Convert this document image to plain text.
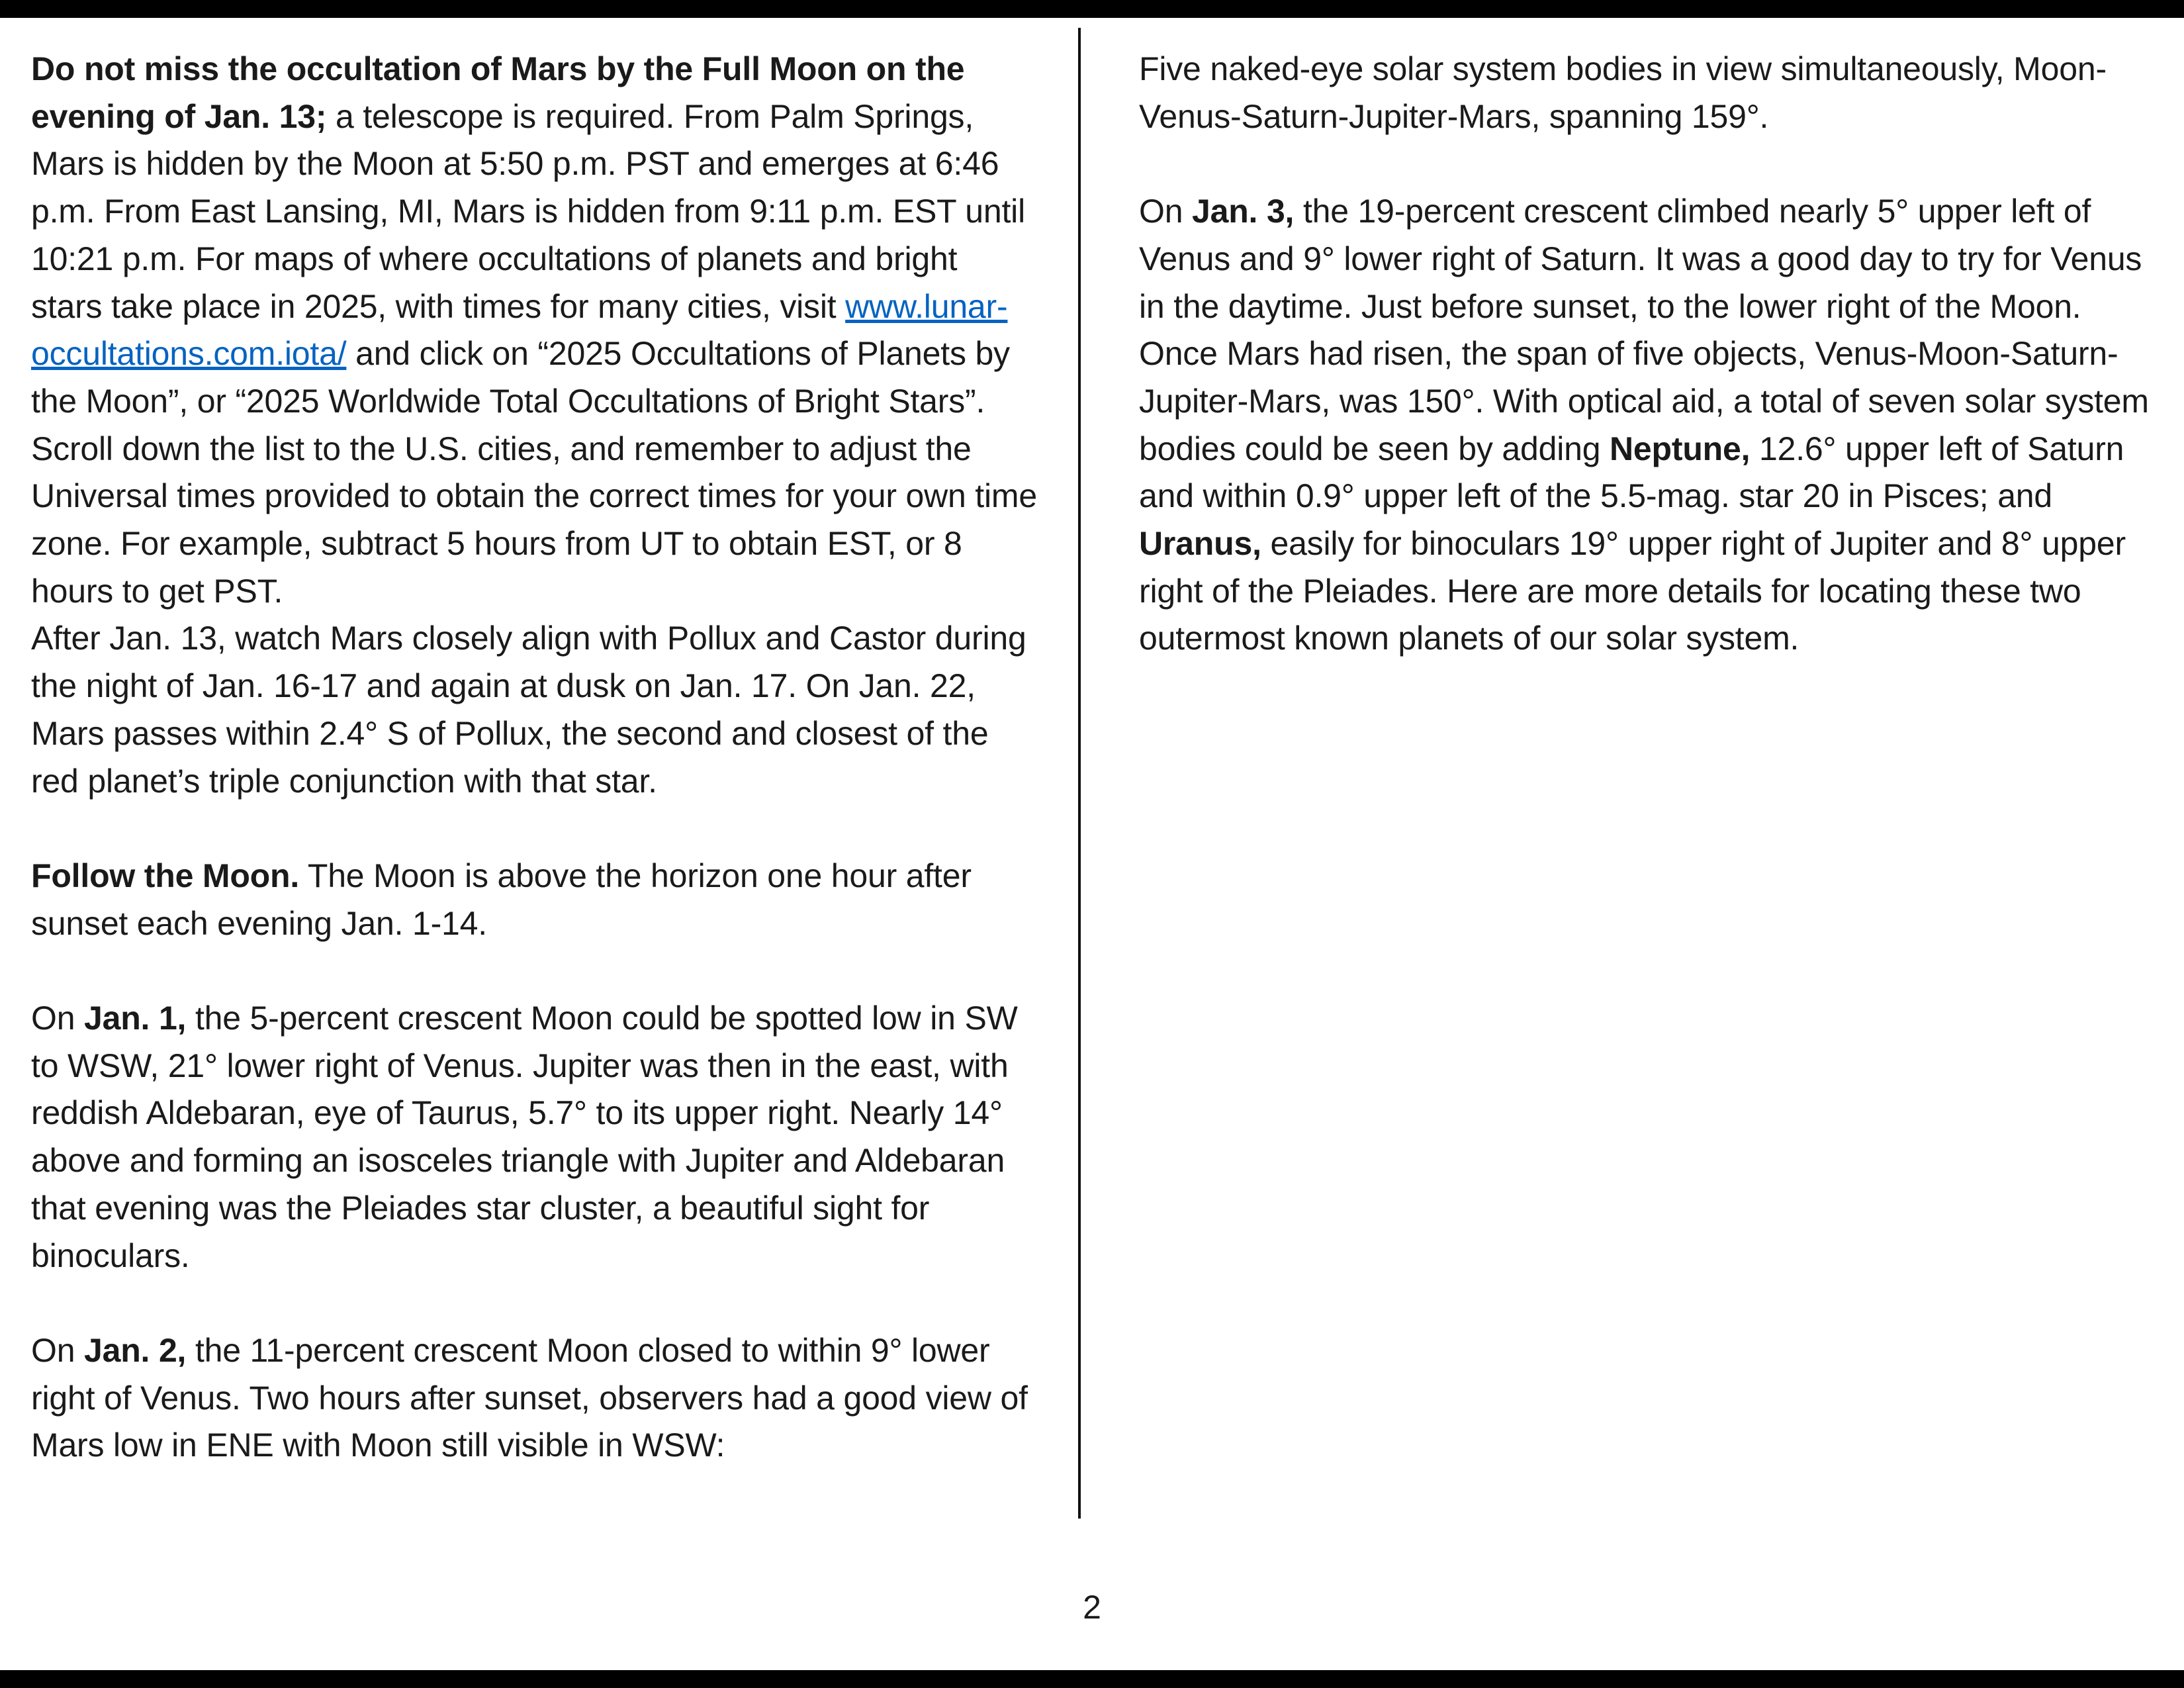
Do not miss the occultation of Mars by the Full Moon on the evening of Jan. 13; a telescope is required. From Palm Springs, Mars is hidden by the Moon at 5:50 p.m. PST and emerges at 6:46 p.m. From East Lansing, MI, Mars is hidden from 9:11 p.m. EST until 10:21 p.m. For maps of where occultations of planets and bright stars take place in 2025, with times for many cities, visit www.lunar-occultations.com.iota/ and click on “2025 Occultations of Planets by the Moon”, or “2025 Worldwide Total Occultations of Bright Stars”. Scroll down the list to the U.S. cities, and remember to adjust the Universal times provided to obtain the correct times for your own time zone. For example, subtract 5 hours from UT to obtain EST, or 8 hours to get PST.

After Jan. 13, watch Mars closely align with Pollux and Castor during the night of Jan. 16-17 and again at dusk on Jan. 17. On Jan. 22, Mars passes within 2.4° S of Pollux, the second and closest of the red planet’s triple conjunction with that star.

Follow the Moon. The Moon is above the horizon one hour after sunset each evening Jan. 1-14.

On Jan. 1, the 5-percent crescent Moon could be spotted low in SW to WSW, 21° lower right of Venus. Jupiter was then in the east, with reddish Aldebaran, eye of Taurus, 5.7° to its upper right. Nearly 14° above and forming an isosceles triangle with Jupiter and Aldebaran that evening was the Pleiades star cluster, a beautiful sight for binoculars.

On Jan. 2, the 11-percent crescent Moon closed to within 9° lower right of Venus. Two hours after sunset, observers had a good view of Mars low in ENE with Moon still visible in WSW:

Five naked-eye solar system bodies in view simultaneously, Moon-Venus-Saturn-Jupiter-Mars, spanning 159°.

On Jan. 3, the 19-percent crescent climbed nearly 5° upper left of Venus and 9° lower right of Saturn. It was a good day to try for Venus in the daytime. Just before sunset, to the lower right of the Moon. Once Mars had risen, the span of five objects, Venus-Moon-Saturn-Jupiter-Mars, was 150°. With optical aid, a total of seven solar system bodies could be seen by adding Neptune, 12.6° upper left of Saturn and within 0.9° upper left of the 5.5-mag. star 20 in Pisces; and Uranus, easily for binoculars 19° upper right of Jupiter and 8° upper right of the Pleiades. Here are more details for locating these two outermost known planets of our solar system.

2
